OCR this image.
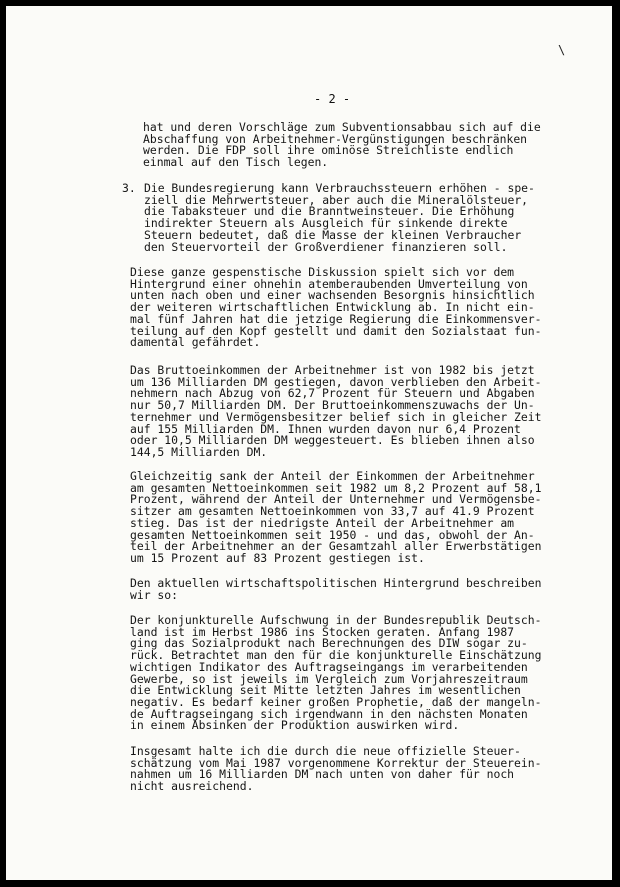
\
- 2 -
hat und deren Vorschläge zum Subventionsabbau sich auf die
Abschaffung von Arbeitnehmer-Vergünstigungen beschränken
werden. Die FDP soll ihre ominöse Streichliste endlich
einmal auf den Tisch legen.
3. Die Bundesregierung kann Verbrauchssteuern erhöhen - spe-
ziell die Mehrwertsteuer, aber auch die Mineralölsteuer,
die Tabaksteuer und die Branntweinsteuer. Die Erhöhung
indirekter Steuern als Ausgleich für sinkende direkte
Steuern bedeutet, daß die Masse der kleinen Verbraucher
den Steuervorteil der Großverdiener finanzieren soll.
Diese ganze gespenstische Diskussion spielt sich vor dem
Hintergrund einer ohnehin atemberaubenden Umverteilung von
unten nach oben und einer wachsenden Besorgnis hinsichtlich
der weiteren wirtschaftlichen Entwicklung ab. In nicht ein-
mal fünf Jahren hat die jetzige Regierung die Einkommensver-
teilung auf den Kopf gestellt und damit den Sozialstaat fun-
damental gefährdet.
Das Bruttoeinkommen der Arbeitnehmer ist von 1982 bis jetzt
um 136 Milliarden DM gestiegen, davon verblieben den Arbeit-
nehmern nach Abzug von 62,7 Prozent für Steuern und Abgaben
nur 50,7 Milliarden DM. Der Bruttoeinkommenszuwachs der Un-
ternehmer und Vermögensbesitzer belief sich in gleicher Zeit
auf 155 Milliarden DM. Ihnen wurden davon nur 6,4 Prozent
oder 10,5 Milliarden DM weggesteuert. Es blieben ihnen also
144,5 Milliarden DM.
Gleichzeitig sank der Anteil der Einkommen der Arbeitnehmer
am gesamten Nettoeinkommen seit 1982 um 8,2 Prozent auf 58,1
Prozent, während der Anteil der Unternehmer und Vermögensbe-
sitzer am gesamten Nettoeinkommen von 33,7 auf 41.9 Prozent
stieg. Das ist der niedrigste Anteil der Arbeitnehmer am
gesamten Nettoeinkommen seit 1950 - und das, obwohl der An-
teil der Arbeitnehmer an der Gesamtzahl aller Erwerbstätigen
um 15 Prozent auf 83 Prozent gestiegen ist.
Den aktuellen wirtschaftspolitischen Hintergrund beschreiben
wir so:
Der konjunkturelle Aufschwung in der Bundesrepublik Deutsch-
land ist im Herbst 1986 ins Stocken geraten. Anfang 1987
ging das Sozialprodukt nach Berechnungen des DIW sogar zu-
rück. Betrachtet man den für die konjunkturelle Einschätzung
wichtigen Indikator des Auftragseingangs im verarbeitenden
Gewerbe, so ist jeweils im Vergleich zum Vorjahreszeitraum
die Entwicklung seit Mitte letzten Jahres im wesentlichen
negativ. Es bedarf keiner großen Prophetie, daß der mangeln-
de Auftragseingang sich irgendwann in den nächsten Monaten
in einem Absinken der Produktion auswirken wird.
Insgesamt halte ich die durch die neue offizielle Steuer-
schätzung vom Mai 1987 vorgenommene Korrektur der Steuerein-
nahmen um 16 Milliarden DM nach unten von daher für noch
nicht ausreichend.
